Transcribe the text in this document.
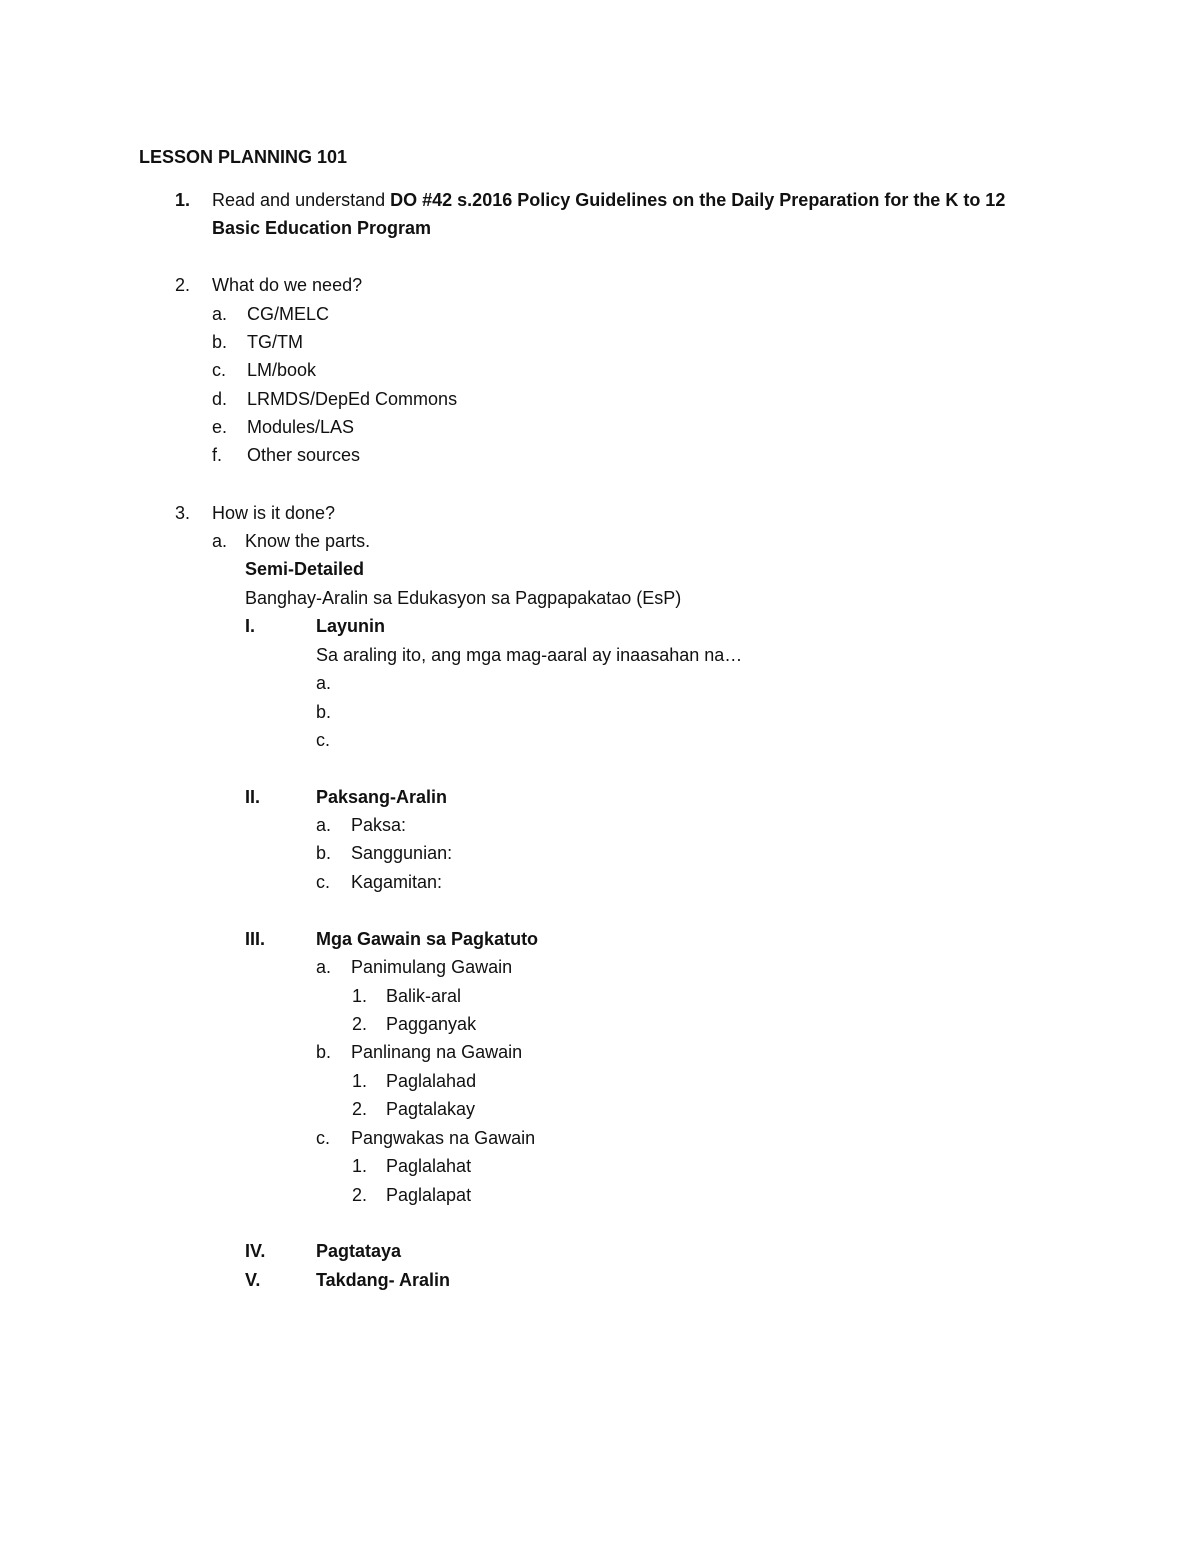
LESSON PLANNING 101
1. Read and understand DO #42 s.2016 Policy Guidelines on the Daily Preparation for the K to 12
Basic Education Program
2. What do we need?
a. CG/MELC
b. TG/TM
c. LM/book
d. LRMDS/DepEd Commons
e. Modules/LAS
f. Other sources
3. How is it done?
a. Know the parts.
Semi-Detailed
Banghay-Aralin sa Edukasyon sa Pagpapakatao (EsP)
I.	Layunin
Sa araling ito, ang mga mag-aaral ay inaasahan na…
a.
b.
c.
II.	Paksang-Aralin
a. Paksa:
b. Sanggunian:
c. Kagamitan:
III.	Mga Gawain sa Pagkatuto
a. Panimulang Gawain
1. Balik-aral
2. Pagganyak
b. Panlinang na Gawain
1. Paglalahad
2. Pagtalakay
c. Pangwakas na Gawain
1. Paglalahat
2. Paglalapat
IV.	Pagtataya
V.	Takdang- Aralin
